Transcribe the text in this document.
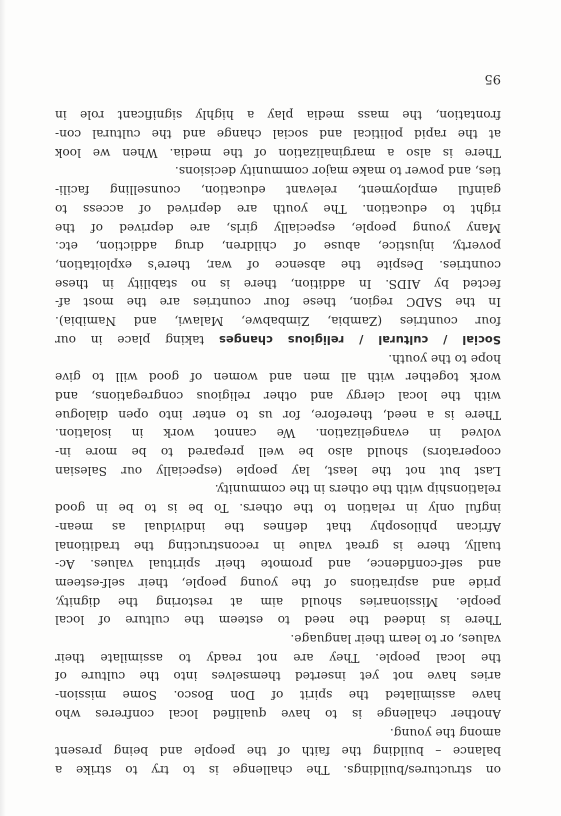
on structures/buildings. The challenge is to try to strike a
balance – building the faith of the people and being present
among the young.
Another challenge is to have qualified local confreres who
have assimilated the spirit of Don Bosco. Some mission-
aries have not yet inserted themselves into the culture of
the local people. They are not ready to assimilate their
values, or to learn their language.
There is indeed the need to esteem the culture of local
people. Missionaries should aim at restoring the dignity,
pride and aspirations of the young people, their self-esteem
and self-confidence, and promote their spiritual values. Ac-
tually, there is great value in reconstructing the traditional
African philosophy that defines the individual as mean-
ingful only in relation to the others. To be is to be in good
relationship with the others in the community.
Last but not the least, lay people (especially our Salesian
cooperators) should also be well prepared to be more in-
volved in evangelization. We cannot work in isolation.
There is a need, therefore, for us to enter into open dialogue
with the local clergy and other religious congregations, and
work together with all men and women of good will to give
hope to the youth.
Social / cultural / religious changes taking place in our
four countries (Zambia, Zimbabwe, Malawi, and Namibia).
In the SADC region, these four countries are the most af-
fected by AIDS. In addition, there is no stability in these
countries. Despite the absence of war, there's exploitation,
poverty, injustice, abuse of children, drug addiction, etc.
Many young people, especially girls, are deprived of the
right to education. The youth are deprived of access to
gainful employment, relevant education, counselling facili-
ties, and power to make major community decisions.
There is also a marginalization of the media. When we look
at the rapid political and social change and the cultural con-
frontation, the mass media play a highly significant role in
95
